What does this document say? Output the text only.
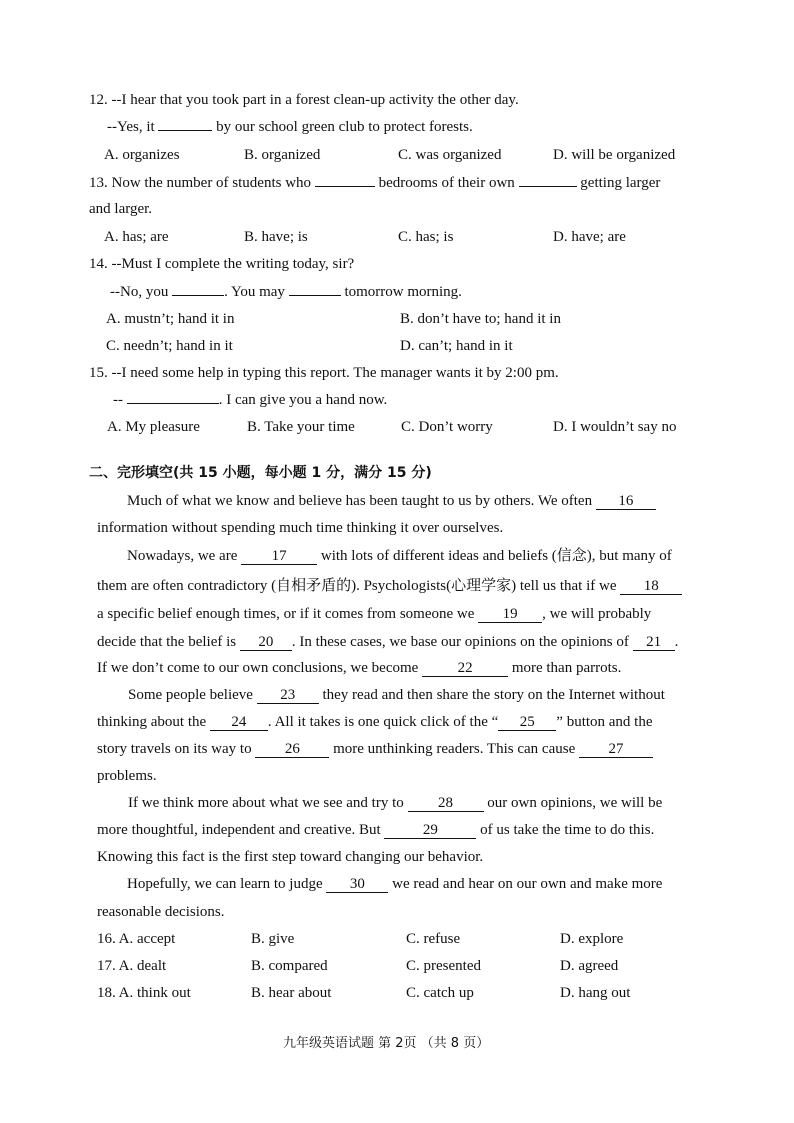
12. --I hear that you took part in a forest clean-up activity the other day.
--Yes, it	by our school green club to protect forests.
A. organizes	B. organized	C. was organized	D. will be organized
13. Now the number of students who	bedrooms of their own	getting larger
and larger.
A. has; are	B. have; is	C. has; is	D. have; are
14. --Must I complete the writing today, sir?
--No, you	. You may	tomorrow morning.
A. mustn’t; hand it in	B. don’t have to; hand it in
C. needn’t; hand in it	D. can’t; hand in it
15. --I need some help in typing this report. The manager wants it by 2:00 pm.
--	. I can give you a hand now.
A. My pleasure	B. Take your time	C. Don’t worry	D. I wouldn’t say no
二、完形填空(共 15 小题，每小题 1 分，满分 15 分)
Much of what we know and believe has been taught to us by others. We often 16
information without spending much time thinking it over ourselves.
Nowadays, we are 17 with lots of different ideas and beliefs (信念), but many of
them are often contradictory (自相矛盾的). Psychologists(心理学家) tell us that if we 18
a specific belief enough times, or if it comes from someone we 19 , we will probably
decide that the belief is 20 . In these cases, we base our opinions on the opinions of 21 .
If we don’t come to our own conclusions, we become	22	more than parrots.
Some people believe 23 they read and then share the story on the Internet without
thinking about the 24 . All it takes is one quick click of the “ 25 ” button and the
story travels on its way to 26 more unthinking readers. This can cause 27
problems.
If we think more about what we see and try to 28 our own opinions, we will be
more thoughtful, independent and creative. But	29	of us take the time to do this.
Knowing this fact is the first step toward changing our behavior.
Hopefully, we can learn to judge 30 we read and hear on our own and make more
reasonable decisions.
16. A. accept	B. give	C. refuse	D. explore
17. A. dealt	B. compared	C. presented	D. agreed
18. A. think out	B. hear about	C. catch up	D. hang out
九年级英语试题 第 2页 （共 8 页）
